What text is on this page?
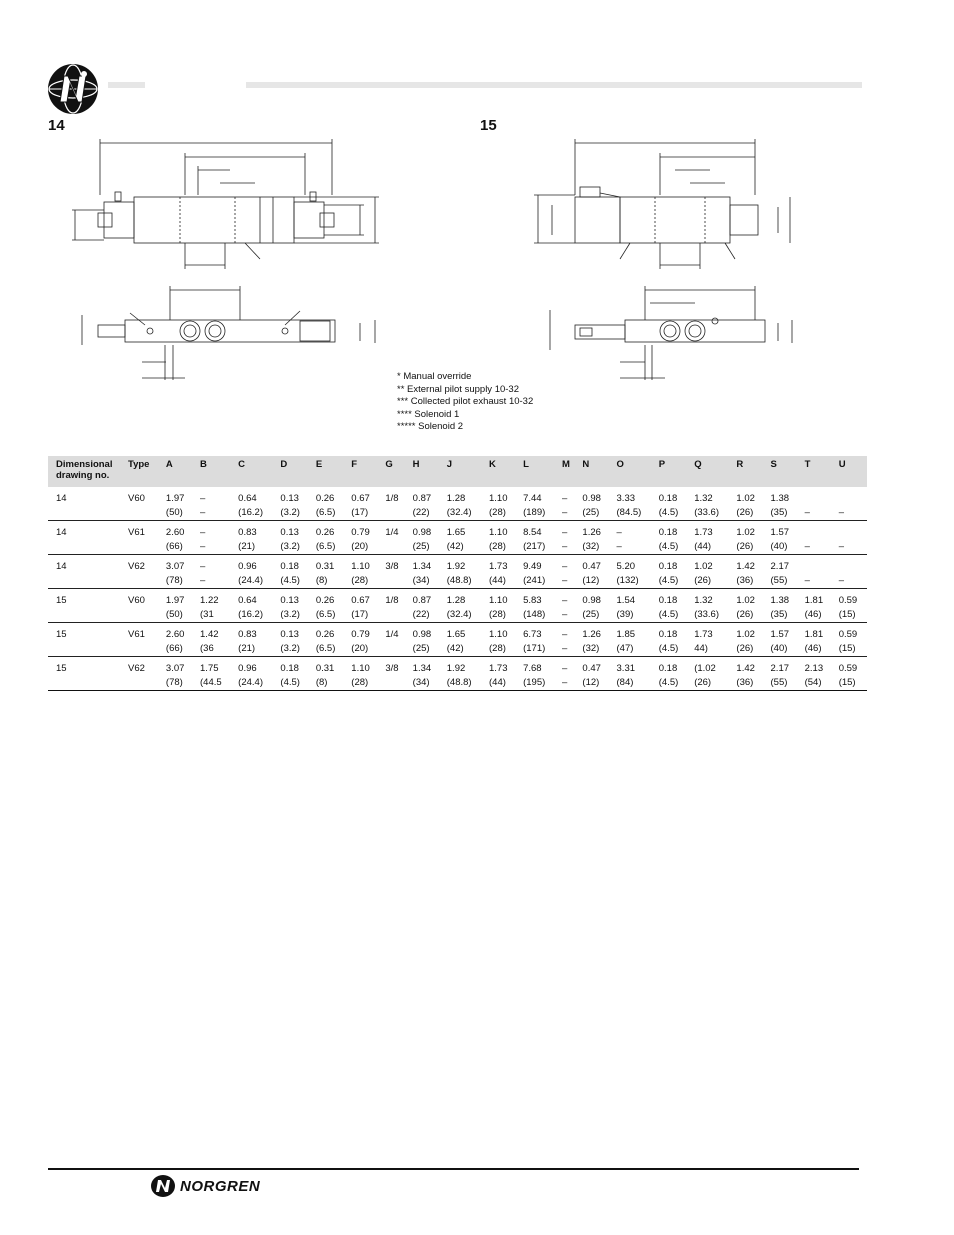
14	15
* Manual override
** External pilot supply 10-32
*** Collected pilot exhaust 10-32
**** Solenoid 1
***** Solenoid 2
Dimensional
drawing no.	Type	A	B	C	D	E	F	G	H	J	K	L	M	N	O	P	Q	R	S	T	U
14	V60	1.97	–	0.64	0.13	0.26	0.67	1/8	0.87	1.28	1.10	7.44	–	0.98	3.33	0.18	1.32	1.02	1.38		
		(50)	–	(16.2)	(3.2)	(6.5)	(17)		(22)	(32.4)	(28)	(189)	–	(25)	(84.5)	(4.5)	(33.6)	(26)	(35)	–	–
14	V61	2.60	–	0.83	0.13	0.26	0.79	1/4	0.98	1.65	1.10	8.54	–	1.26	–	0.18	1.73	1.02	1.57		
		(66)	–	(21)	(3.2)	(6.5)	(20)		(25)	(42)	(28)	(217)	–	(32)	–	(4.5)	(44)	(26)	(40)	–	–
14	V62	3.07	–	0.96	0.18	0.31	1.10	3/8	1.34	1.92	1.73	9.49	–	0.47	5.20	0.18	1.02	1.42	2.17		
		(78)	–	(24.4)	(4.5)	(8)	(28)		(34)	(48.8)	(44)	(241)	–	(12)	(132)	(4.5)	(26)	(36)	(55)	–	–
15	V60	1.97	1.22	0.64	0.13	0.26	0.67	1/8	0.87	1.28	1.10	5.83	–	0.98	1.54	0.18	1.32	1.02	1.38	1.81	0.59
		(50)	(31	(16.2)	(3.2)	(6.5)	(17)		(22)	(32.4)	(28)	(148)	–	(25)	(39)	(4.5)	(33.6)	(26)	(35)	(46)	(15)
15	V61	2.60	1.42	0.83	0.13	0.26	0.79	1/4	0.98	1.65	1.10	6.73	–	1.26	1.85	0.18	1.73	1.02	1.57	1.81	0.59
		(66)	(36	(21)	(3.2)	(6.5)	(20)		(25)	(42)	(28)	(171)	–	(32)	(47)	(4.5)	44)	(26)	(40)	(46)	(15)
15	V62	3.07	1.75	0.96	0.18	0.31	1.10	3/8	1.34	1.92	1.73	7.68	–	0.47	3.31	0.18	(1.02	1.42	2.17	2.13	0.59
		(78)	(44.5	(24.4)	(4.5)	(8)	(28)		(34)	(48.8)	(44)	(195)	–	(12)	(84)	(4.5)	(26)	(36)	(55)	(54)	(15)
NORGREN
